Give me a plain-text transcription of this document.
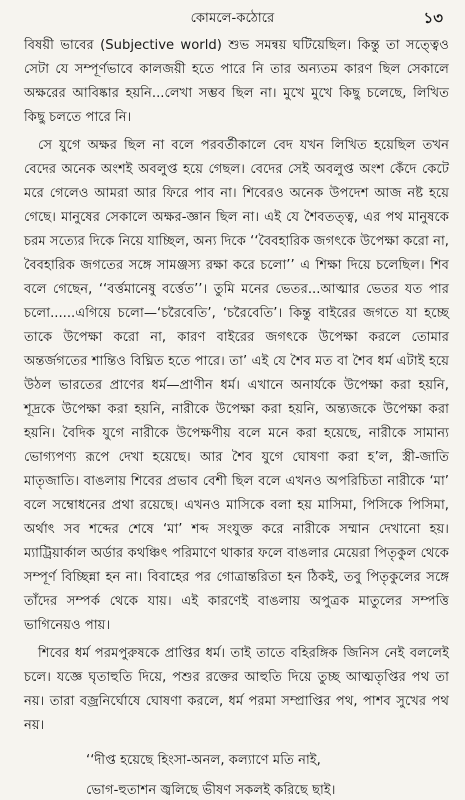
কোমলে-কঠোরে	১৩

বিষয়ী ভাবের (Subjective world) শুভ সমন্বয় ঘটিয়েছিল। কিন্তু তা সত্ত্বেও সেটা যে সম্পূর্ণভাবে কালজয়ী হতে পারে নি তার অন্যতম কারণ ছিল সেকালে অক্ষরের আবিষ্কার হয়নি...লেখা সম্ভব ছিল না। মুখে মুখে কিছু চলেছে, লিখিত কিছু চলতে পারে নি।

সে যুগে অক্ষর ছিল না বলে পরবর্তীকালে বেদ যখন লিখিত হয়েছিল তখন বেদের অনেক অংশই অবলুপ্ত হয়ে গেছল। বেদের সেই অবলুপ্ত অংশ কেঁদে কেটে মরে গেলেও আমরা আর ফিরে পাব না। শিবেরও অনেক উপদেশ আজ নষ্ট হয়ে গেছে। মানুষের সেকালে অক্ষর-জ্ঞান ছিল না। এই যে শৈবতত্ত্ব, এর পথ মানুষকে চরম সত্যের দিকে নিয়ে যাচ্ছিল, অন্য দিকে ‘‘বৈবহারিক জগৎকে উপেক্ষা করো না, বৈবহারিক জগতের সঙ্গে সামঞ্জস্য রক্ষা করে চলো’’ এ শিক্ষা দিয়ে চলেছিল। শিব বলে গেছেন, ‘‘বর্ত্তমানেষু বর্ত্তেত’’। তুমি মনের ভেতর...আত্মার ভেতর যত পার চলো......এগিয়ে চলো—‘চরৈবেতি’, ‘চরৈবেতি’। কিন্তু বাইরের জগতে যা হচ্ছে তাকে উপেক্ষা করো না, কারণ বাইরের জগৎকে উপেক্ষা করলে তোমার অন্তর্জগতের শান্তিও বিঘ্নিত হতে পারে। তা’ এই যে শৈব মত বা শৈব ধর্ম এটাই হয়ে উঠল ভারতের প্রাণের ধর্ম—প্রাণীন ধর্ম। এখানে অনার্যকে উপেক্ষা করা হয়নি, শূদ্রকে উপেক্ষা করা হয়নি, নারীকে উপেক্ষা করা হয়নি, অন্ত্যজকে উপেক্ষা করা হয়নি। বৈদিক যুগে নারীকে উপেক্ষণীয় বলে মনে করা হয়েছে, নারীকে সামান্য ভোগ্যপণ্য রূপে দেখা হয়েছে। আর শৈব যুগে ঘোষণা করা হ’ল, স্ত্রী-জাতি মাতৃজাতি। বাঙলায় শিবের প্রভাব বেশী ছিল বলে এখনও অপরিচিতা নারীকে ‘মা’ বলে সম্বোধনের প্রথা রয়েছে। এখনও মাসিকে বলা হয় মাসিমা, পিসিকে পিসিমা, অর্থাৎ সব শব্দের শেষে ‘মা’ শব্দ সংযুক্ত করে নারীকে সম্মান দেখানো হয়। ম্যাট্রিয়ার্কাল অর্ডার কথঞ্চিৎ পরিমাণে থাকার ফলে বাঙলার মেয়েরা পিতৃকুল থেকে সম্পূর্ণ বিচ্ছিন্না হন না। বিবাহের পর গোত্রান্তরিতা হন ঠিকই, তবু পিতৃকুলের সঙ্গে তাঁদের সম্পর্ক থেকে যায়। এই কারণেই বাঙলায় অপুত্রক মাতুলের সম্পত্তি ভাগিনেয়ও পায়।

শিবের ধর্ম পরমপুরুষকে প্রাপ্তির ধর্ম। তাই তাতে বহিরঙ্গিক জিনিস নেই বললেই চলে। যজ্ঞে ঘৃতাহুতি দিয়ে, পশুর রক্তের আহুতি দিয়ে তুচ্ছ আত্মতৃপ্তির পথ তা নয়। তারা বজ্রনির্ঘোষে ঘোষণা করলে, ধর্ম পরমা সম্প্রাপ্তির পথ, পাশব সুখের পথ নয়।

‘‘দীপ্ত হয়েছে হিংসা-অনল, কল্যাণে মতি নাই,
ভোগ-হুতাশন জ্বলিছে ভীষণ সকলই করিছে ছাই।
